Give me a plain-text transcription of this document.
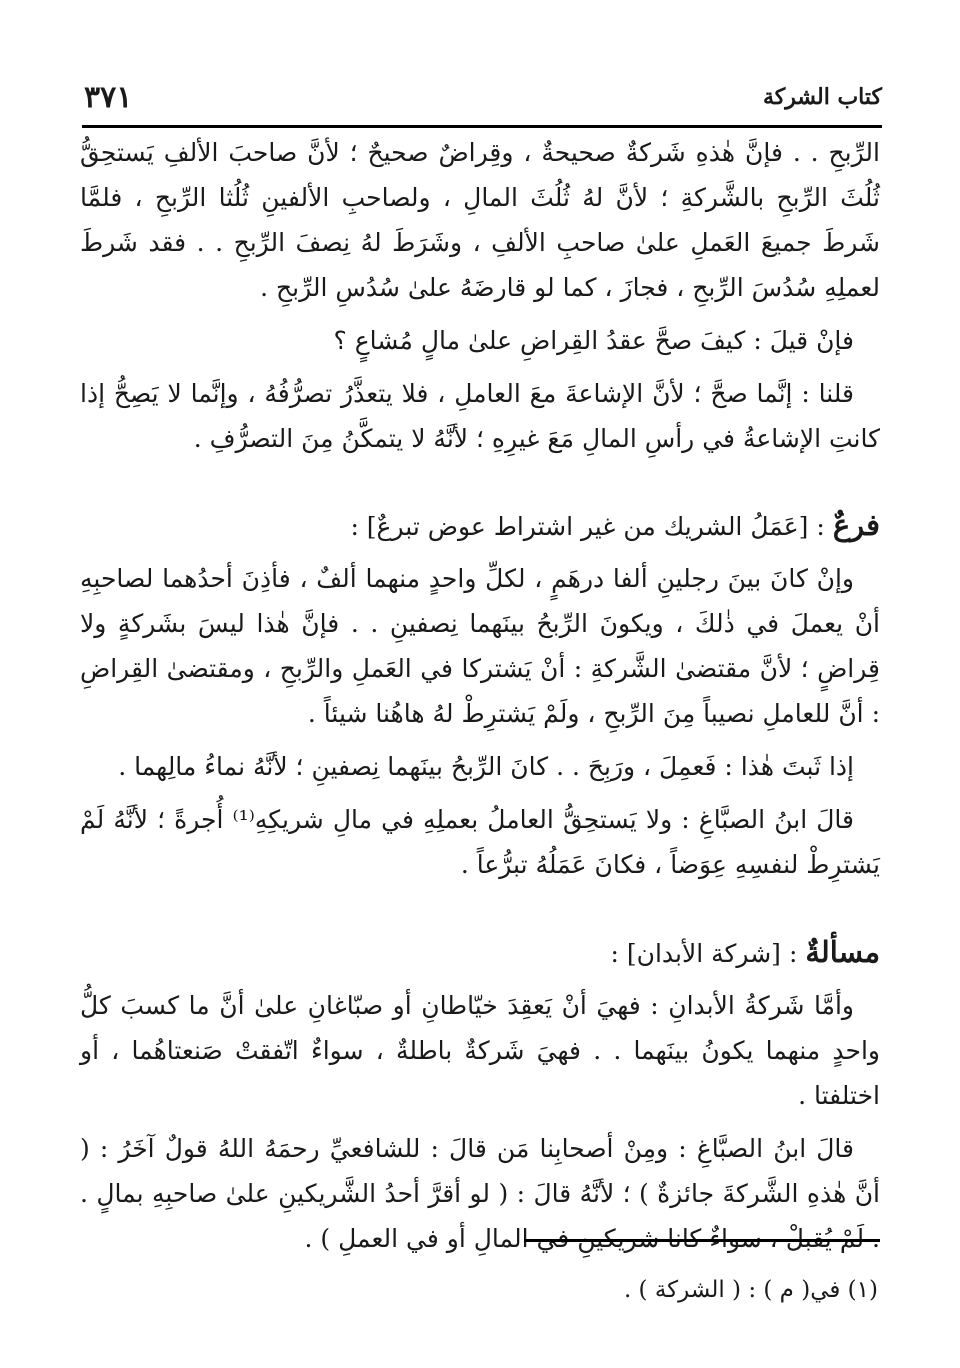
كتاب الشركة
٣٧١

الرِّبحِ . . فإنَّ هٰذهِ شَركةٌ صحيحةٌ ، وقِراضٌ صحيحٌ ؛ لأنَّ صاحبَ الألفِ يَستحِقُّ ثُلُثَ الرِّبحِ بالشَّركةِ ؛ لأنَّ لهُ ثُلُثَ المالِ ، ولصاحبِ الألفينِ ثُلُثا الرِّبحِ ، فلمَّا شَرطَ جميعَ العَملِ علىٰ صاحبِ الألفِ ، وشَرَطَ لهُ نِصفَ الرِّبحِ . . فقد شَرطَ لعملِهِ سُدُسَ الرِّبحِ ، فجازَ ، كما لو قارضَهُ علىٰ سُدُسِ الرِّبحِ .

فإنْ قيلَ : كيفَ صحَّ عقدُ القِراضِ علىٰ مالٍ مُشاعٍ ؟

قلنا : إنَّما صحَّ ؛ لأنَّ الإشاعةَ معَ العاملِ ، فلا يتعذَّرُ تصرُّفُهُ ، وإنَّما لا يَصِحُّ إذا كانتِ الإشاعةُ في رأسِ المالِ مَعَ غيرِهِ ؛ لأنَّهُ لا يتمكَّنُ مِنَ التصرُّفِ .

فرعٌ:[عَمَلُ الشريك من غير اشتراط عوض تبرعٌ] :

وإنْ كانَ بينَ رجلينِ ألفا درهَمٍ ، لكلِّ واحدٍ منهما ألفٌ ، فأذِنَ أحدُهما لصاحبِهِ أنْ يعملَ في ذٰلكَ ، ويكونَ الرِّبحُ بينَهما نِصفينِ . . فإنَّ هٰذا ليسَ بشَركةٍ ولا قِراضٍ ؛ لأنَّ مقتضىٰ الشَّركةِ : أنْ يَشتركا في العَملِ والرِّبحِ ، ومقتضىٰ القِراضِ : أنَّ للعاملِ نصيباً مِنَ الرِّبحِ ، ولَمْ يَشترِطْ لهُ هاهُنا شيئاً .

إذا ثَبتَ هٰذا : فَعمِلَ ، ورَبِحَ . . كانَ الرِّبحُ بينَهما نِصفينِ ؛ لأنَّهُ نماءُ مالِهما .

قالَ ابنُ الصبَّاغِ : ولا يَستحِقُّ العاملُ بعملِهِ في مالِ شريكِهِ⁽¹⁾ أُجرةً ؛ لأنَّهُ لَمْ يَشترِطْ لنفسِهِ عِوَضاً ، فكانَ عَمَلُهُ تبرُّعاً .

مسألةٌ:[شركة الأبدان] :

وأمَّا شَركةُ الأبدانِ : فهيَ أنْ يَعقِدَ خيّاطانِ أو صبّاغانِ علىٰ أنَّ ما كسبَ كلُّ واحدٍ منهما يكونُ بينَهما . . فهيَ شَركةٌ باطلةٌ ، سواءٌ اتّفقتْ صَنعتاهُما ، أو اختلفتا .

قالَ ابنُ الصبَّاغِ : ومِنْ أصحابِنا مَن قالَ : للشافعيِّ رحمَهُ اللهُ قولٌ آخَرُ : ( أنَّ هٰذهِ الشَّركةَ جائزةٌ ) ؛ لأنَّهُ قالَ : ( لو أقرَّ أحدُ الشَّريكينِ علىٰ صاحبِهِ بمالٍ . . لَمْ يُقبلْ ، سواءٌ كانا شريكينِ في المالِ أو في العملِ ) .

(١) في( م ) : ( الشركة ) .
